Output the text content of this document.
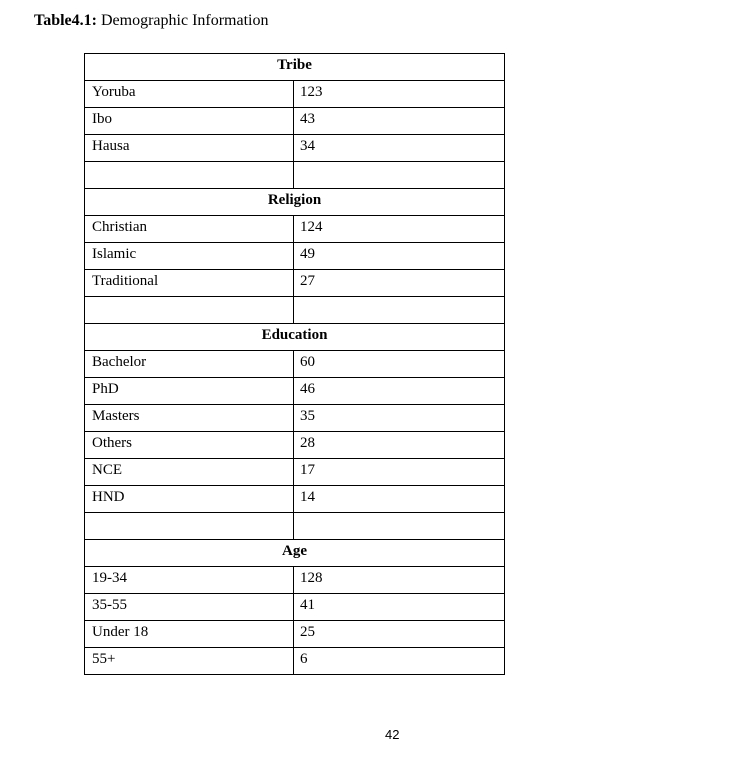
Table4.1: Demographic Information
Tribe	
Yoruba	123
Ibo	43
Hausa	34

Religion	
Christian	124
Islamic	49
Traditional	27

Education	
Bachelor	60
PhD	46
Masters	35
Others	28
NCE	17
HND	14

Age	
19-34	128
35-55	41
Under 18	25
55+	6
42
